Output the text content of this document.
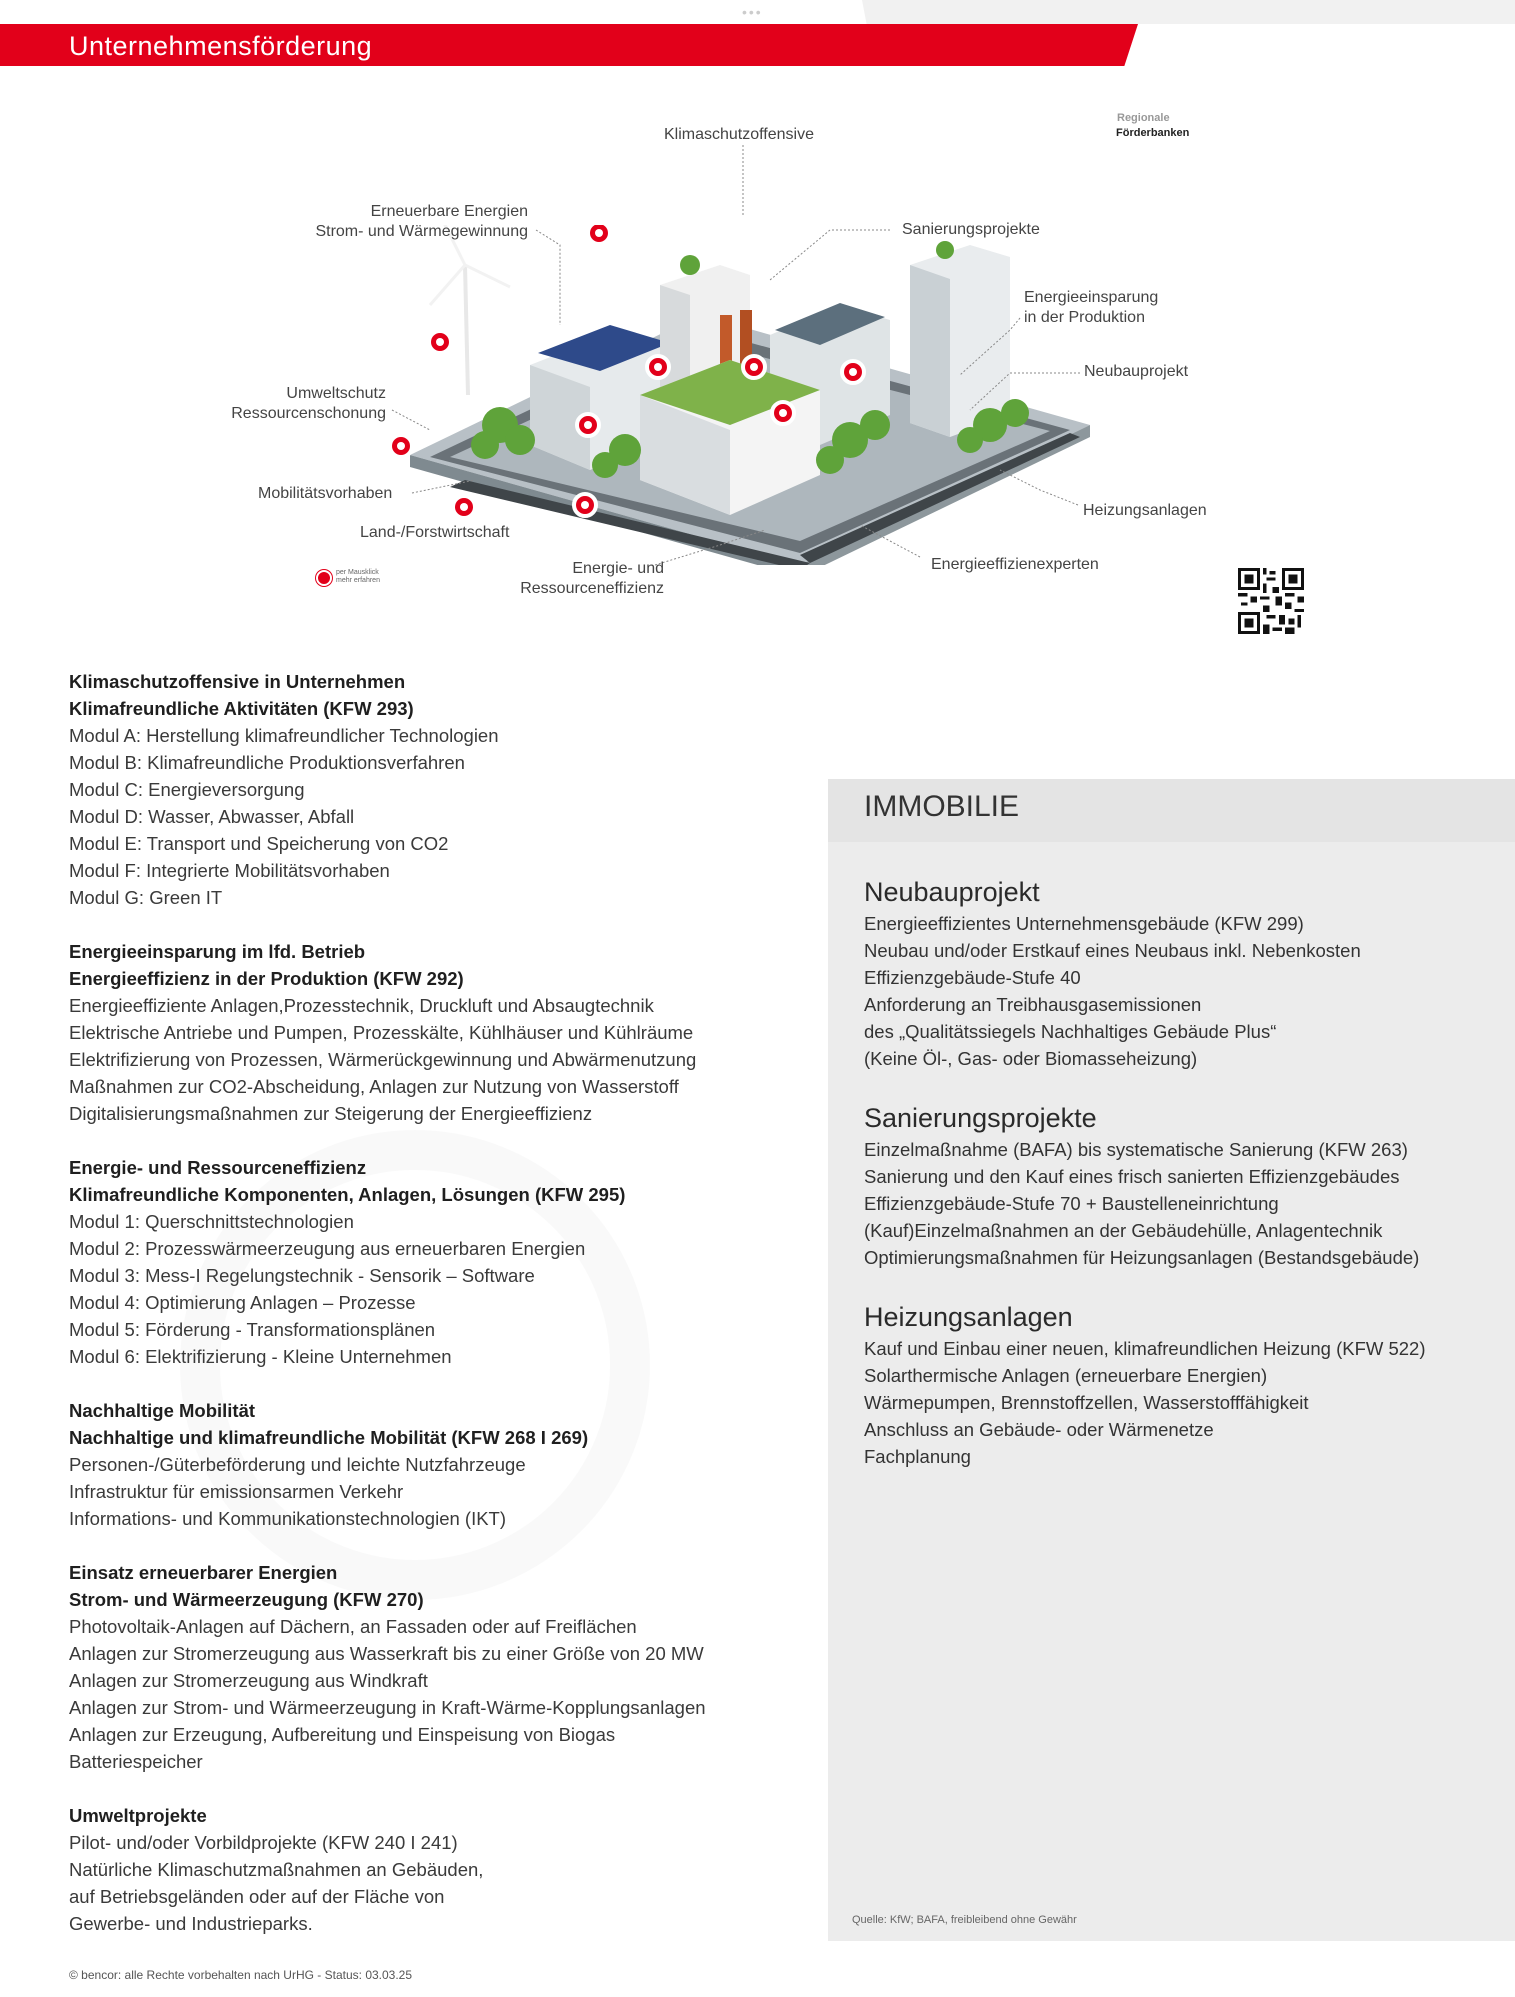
•••
Unternehmensförderung
Klimaschutzoffensive
Regionale
Förderbanken
Erneuerbare Energien
Strom- und Wärmegewinnung	Sanierungsprojekte
Energieeinsparung
in der Produktion
Neubauprojekt
Umweltschutz
Ressourcenschonung
Mobilitätsvorhaben
Heizungsanlagen
Land-/Forstwirtschaft
Energie- und
Ressourceneffizienz
Energieeffizienexperten
per Mausklick
mehr erfahren
Klimaschutzoffensive in Unternehmen
Klimafreundliche Aktivitäten (KFW 293)
Modul A: Herstellung klimafreundlicher Technologien
Modul B: Klimafreundliche Produktionsverfahren
Modul C: Energieversorgung
Modul D: Wasser, Abwasser, Abfall
Modul E: Transport und Speicherung von CO2
Modul F: Integrierte Mobilitätsvorhaben
Modul G: Green IT
Energieeinsparung im lfd. Betrieb
Energieeffizienz in der Produktion (KFW 292)
Energieeffiziente Anlagen,Prozesstechnik, Druckluft und Absaugtechnik
Elektrische Antriebe und Pumpen, Prozesskälte, Kühlhäuser und Kühlräume
Elektrifizierung von Prozessen, Wärmerückgewinnung und Abwärmenutzung
Maßnahmen zur CO2-Abscheidung, Anlagen zur Nutzung von Wasserstoff
Digitalisierungsmaßnahmen zur Steigerung der Energieeffizienz
Energie- und Ressourceneffizienz
Klimafreundliche Komponenten, Anlagen, Lösungen (KFW 295)
Modul 1: Querschnittstechnologien
Modul 2: Prozesswärmeerzeugung aus erneuerbaren Energien
Modul 3: Mess-I Regelungstechnik - Sensorik – Software
Modul 4: Optimierung Anlagen – Prozesse
Modul 5: Förderung - Transformationsplänen
Modul 6: Elektrifizierung - Kleine Unternehmen
Nachhaltige Mobilität
Nachhaltige und klimafreundliche Mobilität (KFW 268 I 269)
Personen-/Güterbeförderung und leichte Nutzfahrzeuge
Infrastruktur für emissionsarmen Verkehr
Informations- und Kommunikationstechnologien (IKT)
Einsatz erneuerbarer Energien
Strom- und Wärmeerzeugung (KFW 270)
Photovoltaik-Anlagen auf Dächern, an Fassaden oder auf Freiflächen
Anlagen zur Stromerzeugung aus Wasserkraft bis zu einer Größe von 20 MW
Anlagen zur Stromerzeugung aus Windkraft
Anlagen zur Strom- und Wärmeerzeugung in Kraft-Wärme-Kopplungsanlagen
Anlagen zur Erzeugung, Aufbereitung und Einspeisung von Biogas
Batteriespeicher
Umweltprojekte
Pilot- und/oder Vorbildprojekte (KFW 240 I 241)
Natürliche Klimaschutzmaßnahmen an Gebäuden,
auf Betriebsgeländen oder auf der Fläche von
Gewerbe- und Industrieparks.
IMMOBILIE
Neubauprojekt
Energieeffizientes Unternehmensgebäude (KFW 299)
Neubau und/oder Erstkauf eines Neubaus inkl. Nebenkosten
Effizienzgebäude-Stufe 40
Anforderung an Treibhausgasemissionen
des „Qualitätssiegels Nachhaltiges Gebäude Plus“
(Keine Öl-, Gas- oder Biomasseheizung)
Sanierungsprojekte
Einzelmaßnahme (BAFA) bis systematische Sanierung (KFW 263)
Sanierung und den Kauf eines frisch sanierten Effizienzgebäudes
Effizienzgebäude-Stufe 70 + Baustelleneinrichtung
(Kauf)Einzelmaßnahmen an der Gebäudehülle, Anlagentechnik
Optimierungsmaßnahmen für Heizungsanlagen (Bestandsgebäude)
Heizungsanlagen
Kauf und Einbau einer neuen, klimafreundlichen Heizung (KFW 522)
Solarthermische Anlagen (erneuerbare Energien)
Wärmepumpen, Brennstoffzellen, Wasserstofffähigkeit
Anschluss an Gebäude- oder Wärmenetze
Fachplanung
Quelle: KfW; BAFA, freibleibend ohne Gewähr
© bencor: alle Rechte vorbehalten nach UrHG - Status: 03.03.25
